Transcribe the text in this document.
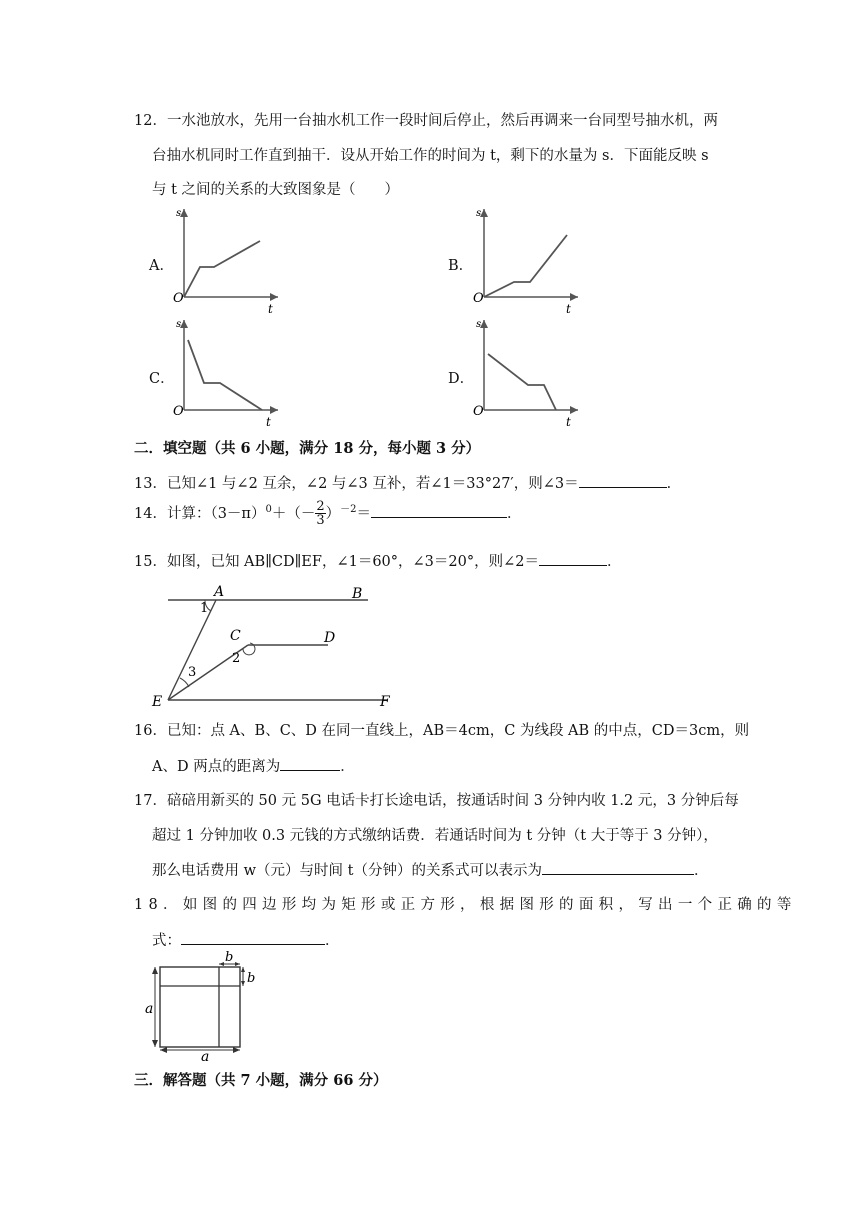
12．一水池放水，先用一台抽水机工作一段时间后停止，然后再调来一台同型号抽水机，两
台抽水机同时工作直到抽干．设从开始工作的时间为 t，剩下的水量为 s．下面能反映 s
与 t 之间的关系的大致图象是（　　）
A．
s
O
t
B．
s
O
t
C．
s
O
t
D．
s
O
t
二．填空题（共 6 小题，满分 18 分，每小题 3 分）
13．已知∠1 与∠2 互余，∠2 与∠3 互补，若∠1＝33°27′，则∠3＝	．
14．计算：$(3-\pi)^0+(- \frac{2}{3} )^{-2}=$	．
15．如图，已知 AB∥CD∥EF，∠1＝60°，∠3＝20°，则∠2＝	．
A	B
C	D
E	F
1
2
3
16．已知：点 A、B、C、D 在同一直线上，AB＝4cm，C 为线段 AB 的中点，CD＝3cm，则
A、D 两点的距离为	．
17．碚碚用新买的 50 元 5G 电话卡打长途电话，按通话时间 3 分钟内收 1.2 元，3 分钟后每
超过 1 分钟加收 0.3 元钱的方式缴纳话费．若通话时间为 t 分钟（t 大于等于 3 分钟），
那么电话费用 w（元）与时间 t（分钟）的关系式可以表示为	．
18．如图的四边形均为矩形或正方形，根据图形的面积，写出一个正确的等
式：	．
a
a
b
b
三．解答题（共 7 小题，满分 66 分）
